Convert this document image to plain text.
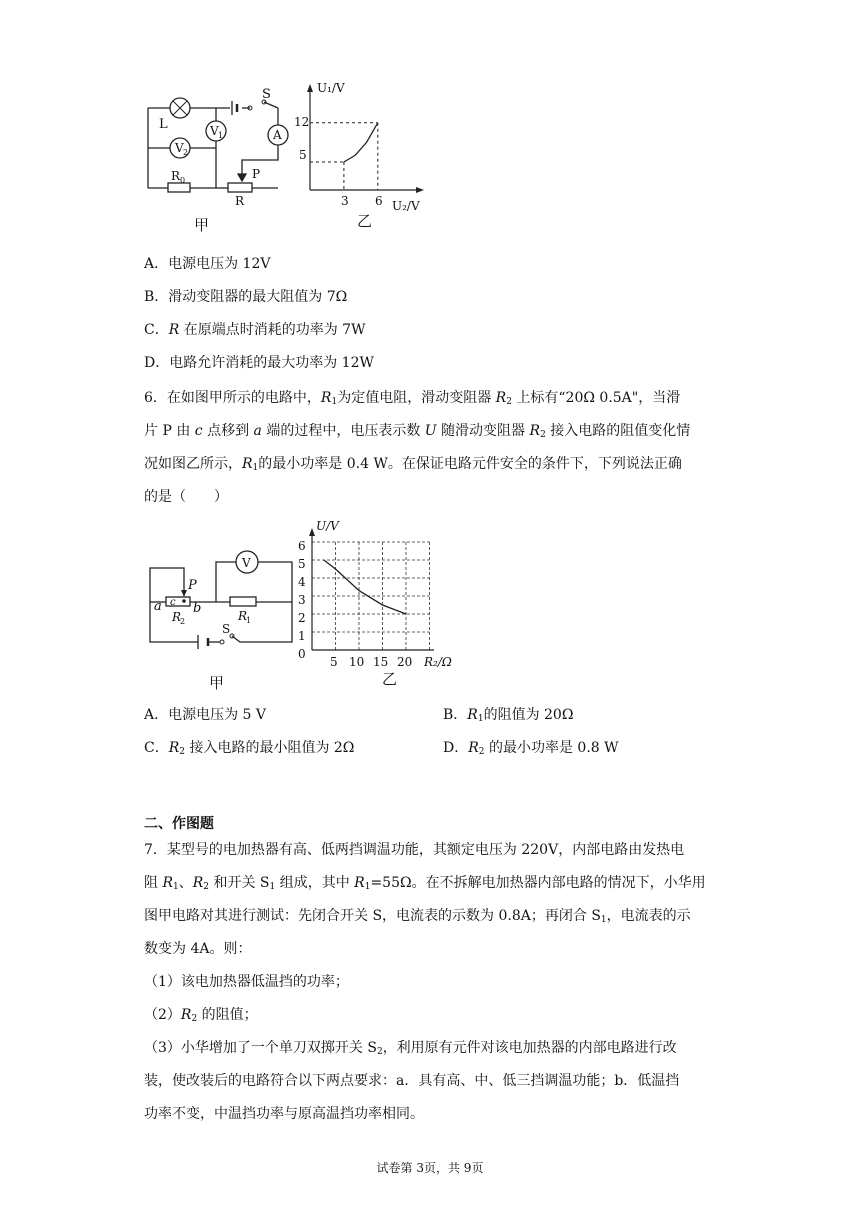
L
S
A
V 2
V 1
R 0	P
R
甲
U₁/V
U₂/V
12
5
3 6
乙
A．电源电压为 12V
B．滑动变阻器的最大阻值为 7Ω
C．R 在原端点时消耗的功率为 7W
D．电路允许消耗的最大功率为 12W
6．在如图甲所示的电路中，$R_1$为定值电阻，滑动变阻器 $R_2$ 上标有“20Ω 0.5A"，当滑
片 P 由 c 点移到 a 端的过程中，电压表示数 U 随滑动变阻器 $R_2$ 接入电路的阻值变化情
况如图乙所示，$R_1$的最小功率是 0.4 W。在保证电路元件安全的条件下，下列说法正确
的是（　　）
V
P
c
a b
R
2	R
1
S
甲
U/V
R₂/Ω
6
5
4
3
2
1
0
5 10 15 20
乙
A．电源电压为 5 V	B．$R_1$的阻值为 20Ω
C．$R_2$ 接入电路的最小阻值为 2Ω	D．$R_2$ 的最小功率是 0.8 W
二、作图题
7．某型号的电加热器有高、低两挡调温功能，其额定电压为 220V，内部电路由发热电
阻 $R_1$、$R_2$ 和开关 $S_1$ 组成，其中 $R_1=55\Omega$。在不拆解电加热器内部电路的情况下，小华用
图甲电路对其进行测试：先闭合开关 S，电流表的示数为 0.8A；再闭合 $S_1$，电流表的示
数变为 4A。则：
（1）该电加热器低温挡的功率；
$(2)R_2$ 的阻值；
（3）小华增加了一个单刀双掷开关 $S_2$，利用原有元件对该电加热器的内部电路进行改
装，使改装后的电路符合以下两点要求：a．具有高、中、低三挡调温功能；b．低温挡
功率不变，中温挡功率与原高温挡功率相同。
试卷第 3页，共 9页
